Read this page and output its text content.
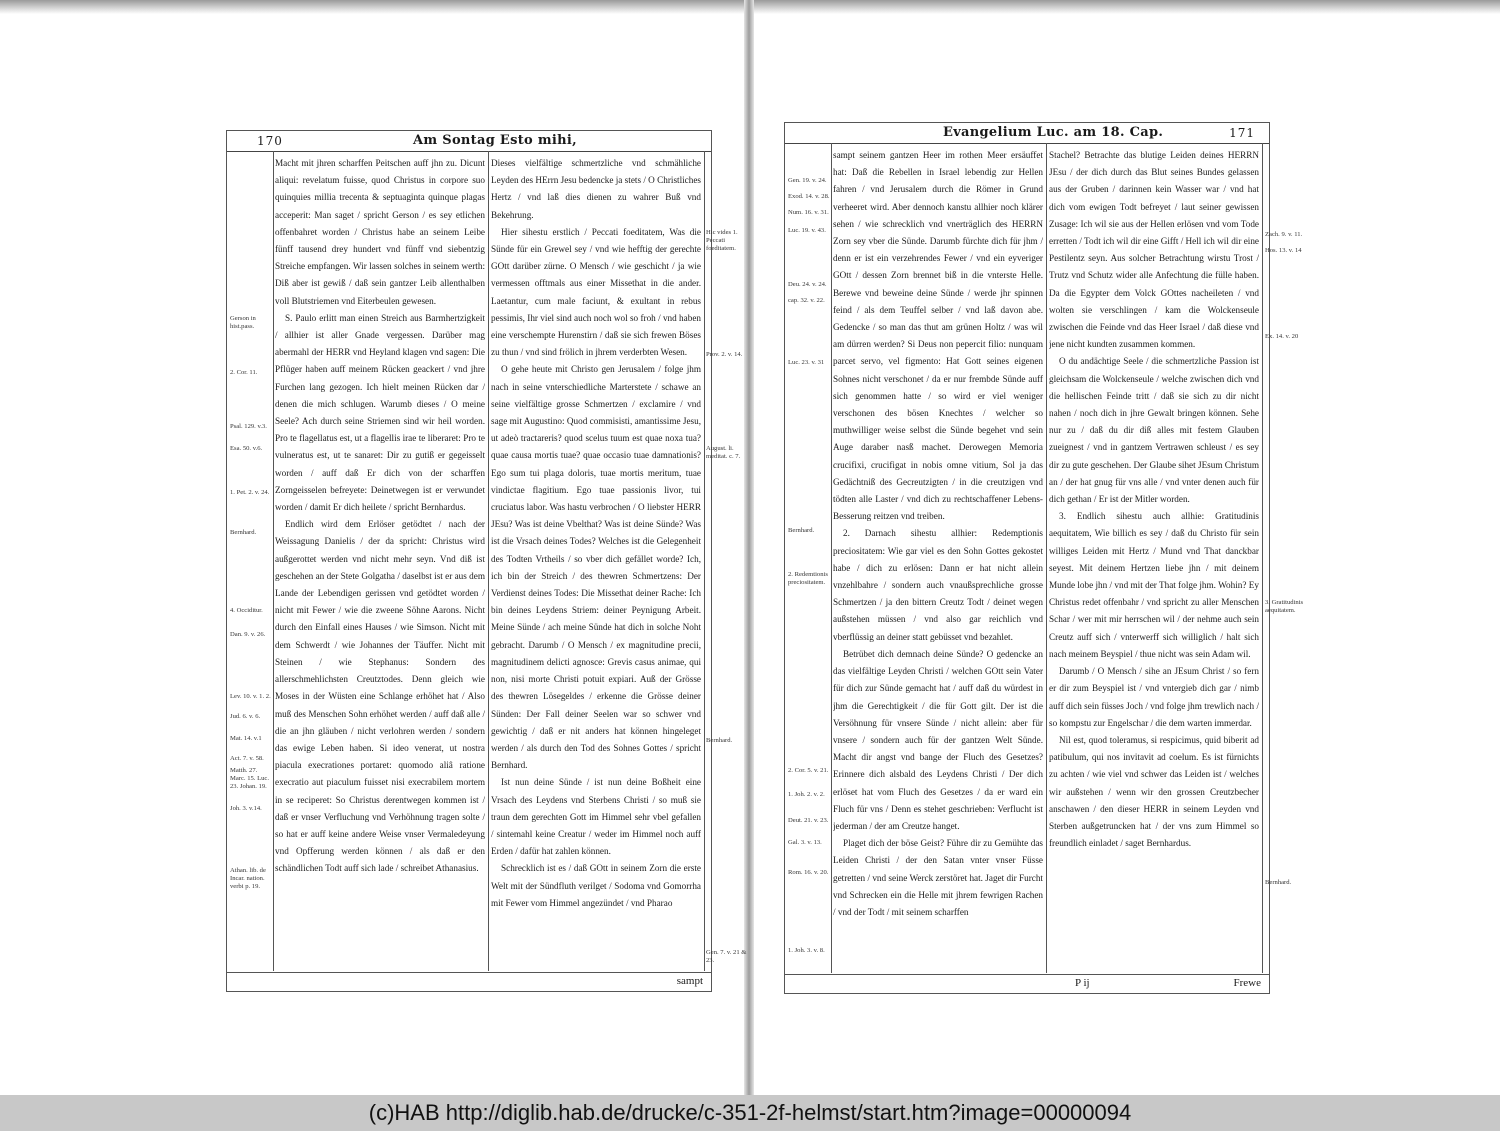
170	Am Sontag Esto mihi,
Gerson in hist.pass.
2. Cor. 11.
Psal. 129. v.3.
Esa. 50. v.6.
1. Pet. 2. v. 24.
Bernhard.
4. Occiditur.
Dan. 9. v. 26.
Lev. 10. v. 1. 2.
Jud. 6. v. 6.
Mat. 14. v.1
Act. 7. v. 58.
Matth. 27. Marc. 15. Luc. 23. Johan. 19.
Joh. 3. v.14.
Athan. lib. de Incar. nation. verbi p. 19.

Macht mit jhren scharffen Peitschen auff jhn zu. Dicunt aliqui: revelatum fuisse, quod Christus in corpore suo quinquies millia trecenta & septuaginta quinque plagas acceperit: Man saget / spricht Gerson / es sey etlichen offenbahret worden / Christus habe an seinem Leibe fünff tausend drey hundert vnd fünff vnd siebentzig Streiche empfangen. Wir lassen solches in seinem werth: Diß aber ist gewiß / daß sein gantzer Leib allenthalben voll Blutstriemen vnd Eiterbeulen gewesen.

S. Paulo erlitt man einen Streich aus Barmhertzigkeit / allhier ist aller Gnade vergessen. Darüber mag abermahl der HERR vnd Heyland klagen vnd sagen: Die Pflüger haben auff meinem Rücken geackert / vnd jhre Furchen lang gezogen. Ich hielt meinen Rücken dar / denen die mich schlugen. Warumb dieses / O meine Seele? Ach durch seine Striemen sind wir heil worden. Pro te flagellatus est, ut a flagellis irae te liberaret: Pro te vulneratus est, ut te sanaret: Dir zu gutiß er gegeisselt worden / auff daß Er dich von der scharffen Zorngeisselen befreyete: Deinetwegen ist er verwundet worden / damit Er dich heilete / spricht Bernhardus.

Endlich wird dem Erlöser getödtet / nach der Weissagung Danielis / der da spricht: Christus wird außgerottet werden vnd nicht mehr seyn. Vnd diß ist geschehen an der Stete Golgatha / daselbst ist er aus dem Lande der Lebendigen gerissen vnd getödtet worden / nicht mit Fewer / wie die zweene Söhne Aarons. Nicht durch den Einfall eines Hauses / wie Simson. Nicht mit dem Schwerdt / wie Johannes der Täuffer. Nicht mit Steinen / wie Stephanus: Sondern des allerschmehlichsten Creutztodes. Denn gleich wie Moses in der Wüsten eine Schlange erhöhet hat / Also muß des Menschen Sohn erhöhet werden / auff daß alle / die an jhn gläuben / nicht verlohren werden / sondern das ewige Leben haben. Si ideo venerat, ut nostra piacula execrationes portaret: quomodo aliâ ratione execratio aut piaculum fuisset nisi execrabilem mortem in se reciperet: So Christus derentwegen kommen ist / daß er vnser Verfluchung vnd Verhöhnung tragen solte / so hat er auff keine andere Weise vnser Vermaledeyung vnd Opfferung werden können / als daß er den schändlichen Todt auff sich lade / schreibet Athanasius.

Dieses vielfältige schmertzliche vnd schmähliche Leyden des HErrn Jesu bedencke ja stets / O Christliches Hertz / vnd laß dies dienen zu wahrer Buß vnd Bekehrung.

Hier sihestu erstlich / Peccati foeditatem, Was die Sünde für ein Grewel sey / vnd wie hefftig der gerechte GOtt darüber zürne. O Mensch / wie geschicht / ja wie vermessen offtmals aus einer Missethat in die ander. Laetantur, cum male faciunt, & exultant in rebus pessimis, Ihr viel sind auch noch wol so froh / vnd haben eine verschempte Hurenstirn / daß sie sich frewen Böses zu thun / vnd sind frölich in jhrem verderbten Wesen.

O gehe heute mit Christo gen Jerusalem / folge jhm nach in seine vnterschiedliche Marterstete / schawe an seine vielfältige grosse Schmertzen / exclamire / vnd sage mit Augustino: Quod commisisti, amantissime Jesu, ut adeò tractareris? quod scelus tuum est quae noxa tua? quae causa mortis tuae? quae occasio tuae damnationis? Ego sum tui plaga doloris, tuae mortis meritum, tuae vindictae flagitium. Ego tuae passionis livor, tui cruciatus labor. Was hastu verbrochen / O liebster HERR JEsu? Was ist deine Vbelthat? Was ist deine Sünde? Was ist die Vrsach deines Todes? Welches ist die Gelegenheit des Todten Vrtheils / so vber dich gefället worde? Ich, ich bin der Streich / des thewren Schmertzens: Der Verdienst deines Todes: Die Missethat deiner Rache: Ich bin deines Leydens Striem: deiner Peynigung Arbeit. Meine Sünde / ach meine Sünde hat dich in solche Noht gebracht. Darumb / O Mensch / ex magnitudine precii, magnitudinem delicti agnosce: Grevis casus animae, qui non, nisi morte Christi potuit expiari. Auß der Grösse des thewren Lösegeldes / erkenne die Grösse deiner Sünden: Der Fall deiner Seelen war so schwer vnd gewichtig / daß er nit anders hat können hingeleget werden / als durch den Tod des Sohnes Gottes / spricht Bernhard.

Ist nun deine Sünde / ist nun deine Boßheit eine Vrsach des Leydens vnd Sterbens Christi / so muß sie traun dem gerechten Gott im Himmel sehr vbel gefallen / sintemahl keine Creatur / weder im Himmel noch auff Erden / dafür hat zahlen können.

Schrecklich ist es / daß GOtt in seinem Zorn die erste Welt mit der Sündfluth verilget / Sodoma vnd Gomorrha mit Fewer vom Himmel angezündet / vnd Pharao

Hic vides 1. Peccati foeditatem.
Prov. 2. v. 14.
August. li. meditat. c. 7.
Bernhard.
Gen. 7. v. 21 & 23.
sampt
Evangelium Luc. am 18. Cap.	171
Gen. 19. v. 24.
Exod. 14. v. 28.
Num. 16. v. 31.
Luc. 19. v. 43.
Deu. 24. v. 24.
cap. 32. v. 22.
Luc. 23. v. 31
Bernhard.
2. Redemtionis preciositatem.
2. Cor. 5. v. 21.
1. Joh. 2. v. 2.
Deut. 21. v. 23.
Gal. 3. v. 13.
Rom. 16. v. 20.
1. Joh. 3. v. 8.

sampt seinem gantzen Heer im rothen Meer ersäuffet hat: Daß die Rebellen in Israel lebendig zur Hellen fahren / vnd Jerusalem durch die Römer in Grund verheeret wird. Aber dennoch kanstu allhier noch klärer sehen / wie schrecklich vnd vnerträglich des HERRN Zorn sey vber die Sünde. Darumb fürchte dich für jhm / denn er ist ein verzehrendes Fewer / vnd ein eyveriger GOtt / dessen Zorn brennet biß in die vnterste Helle. Berewe vnd beweine deine Sünde / werde jhr spinnen feind / als dem Teuffel selber / vnd laß davon abe. Gedencke / so man das thut am grünen Holtz / was wil am dürren werden? Si Deus non pepercit filio: nunquam parcet servo, vel figmento: Hat Gott seines eigenen Sohnes nicht verschonet / da er nur frembde Sünde auff sich genommen hatte / so wird er viel weniger verschonen des bösen Knechtes / welcher so muthwilliger weise selbst die Sünde begehet vnd sein Auge daraber nasß machet. Derowegen Memoria crucifixi, crucifigat in nobis omne vitium, Sol ja das Gedächtniß des Gecreutzigten / in die creutzigen vnd tödten alle Laster / vnd dich zu rechtschaffener Lebens-Besserung reitzen vnd treiben.

2. Darnach sihestu allhier: Redemptionis preciositatem: Wie gar viel es den Sohn Gottes gekostet habe / dich zu erlösen: Dann er hat nicht allein vnzehlbahre / sondern auch vnaußsprechliche grosse Schmertzen / ja den bittern Creutz Todt / deinet wegen außstehen müssen / vnd also gar reichlich vnd vberflüssig an deiner statt gebüsset vnd bezahlet.

Betrübet dich demnach deine Sünde? O gedencke an das vielfältige Leyden Christi / welchen GOtt sein Vater für dich zur Sünde gemacht hat / auff daß du würdest in jhm die Gerechtigkeit / die für Gott gilt. Der ist die Versöhnung für vnsere Sünde / nicht allein: aber für vnsere / sondern auch für der gantzen Welt Sünde. Macht dir angst vnd bange der Fluch des Gesetzes? Erinnere dich alsbald des Leydens Christi / Der dich erlöset hat vom Fluch des Gesetzes / da er ward ein Fluch für vns / Denn es stehet geschrieben: Verflucht ist jederman / der am Creutze hanget.

Plaget dich der böse Geist? Führe dir zu Gemühte das Leiden Christi / der den Satan vnter vnser Füsse getretten / vnd seine Werck zerstöret hat. Jaget dir Furcht vnd Schrecken ein die Helle mit jhrem fewrigen Rachen / vnd der Todt / mit seinem scharffen

Stachel? Betrachte das blutige Leiden deines HERRN JEsu / der dich durch das Blut seines Bundes gelassen aus der Gruben / darinnen kein Wasser war / vnd hat dich vom ewigen Todt befreyet / laut seiner gewissen Zusage: Ich wil sie aus der Hellen erlösen vnd vom Tode erretten / Todt ich wil dir eine Gifft / Hell ich wil dir eine Pestilentz seyn. Aus solcher Betrachtung wirstu Trost / Trutz vnd Schutz wider alle Anfechtung die fülle haben. Da die Egypter dem Volck GOttes nacheileten / vnd wolten sie verschlingen / kam die Wolckenseule zwischen die Feinde vnd das Heer Israel / daß diese vnd jene nicht kundten zusammen kommen.

O du andächtige Seele / die schmertzliche Passion ist gleichsam die Wolckenseule / welche zwischen dich vnd die hellischen Feinde tritt / daß sie sich zu dir nicht nahen / noch dich in jhre Gewalt bringen können. Sehe nur zu / daß du dir diß alles mit festem Glauben zueignest / vnd in gantzem Vertrawen schleust / es sey dir zu gute geschehen. Der Glaube sihet JEsum Christum an / der hat gnug für vns alle / vnd vnter denen auch für dich gethan / Er ist der Mitler worden.

3. Endlich sihestu auch allhie: Gratitudinis aequitatem, Wie billich es sey / daß du Christo für sein williges Leiden mit Hertz / Mund vnd That danckbar seyest. Mit deinem Hertzen liebe jhn / mit deinem Munde lobe jhn / vnd mit der That folge jhm. Wohin? Ey Christus redet offenbahr / vnd spricht zu aller Menschen Schar / wer mit mir herrschen wil / der nehme auch sein Creutz auff sich / vnterwerff sich williglich / halt sich nach meinem Beyspiel / thue nicht was sein Adam wil.

Darumb / O Mensch / sihe an JEsum Christ / so fern er dir zum Beyspiel ist / vnd vntergieb dich gar / nimb auff dich sein füsses Joch / vnd folge jhm trewlich nach / so kompstu zur Engelschar / die dem warten immerdar.

Nil est, quod toleramus, si respicimus, quid biberit ad patibulum, qui nos invitavit ad coelum. Es ist fürnichts zu achten / wie viel vnd schwer das Leiden ist / welches wir außstehen / wenn wir den grossen Creutzbecher anschawen / den dieser HERR in seinem Leyden vnd Sterben außgetruncken hat / der vns zum Himmel so freundlich einladet / saget Bernhardus.

Zach. 9. v. 11.
Hos. 13. v. 14
Ex. 14. v. 20
3. Gratitudinis aequitatem.
Bernhard.
P ij	Frewe
(c)HAB http://diglib.hab.de/drucke/c-351-2f-helmst/start.htm?image=00000094
